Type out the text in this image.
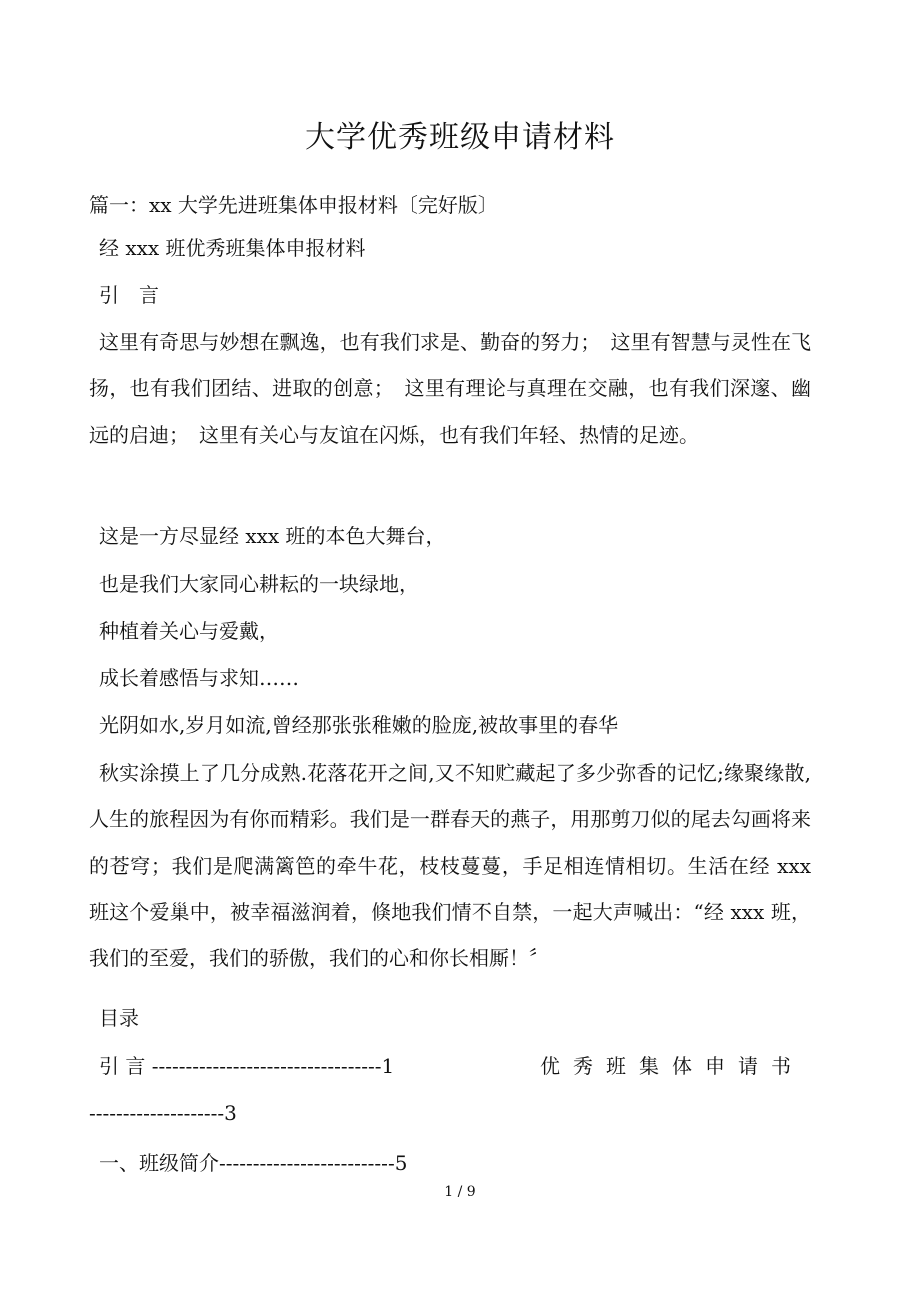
大学优秀班级申请材料
篇一：xx 大学先进班集体申报材料〔完好版〕
经 xxx 班优秀班集体申报材料
引　言

这里有奇思与妙想在飘逸，也有我们求是、勤奋的努力；　这里有智慧与灵性在飞扬，也有我们团结、进取的创意；　这里有理论与真理在交融，也有我们深邃、幽远的启迪；　这里有关心与友谊在闪烁，也有我们年轻、热情的足迹。

这是一方尽显经 xxx 班的本色大舞台，
也是我们大家同心耕耘的一块绿地，
种植着关心与爱戴，
成长着感悟与求知……
光阴如水,岁月如流,曾经那张张稚嫩的脸庞,被故事里的春华

秋实涂摸上了几分成熟.花落花开之间,又不知贮藏起了多少弥香的记忆;缘聚缘散,人生的旅程因为有你而精彩。我们是一群春天的燕子，用那剪刀似的尾去勾画将来的苍穹；我们是爬满篱笆的牵牛花，枝枝蔓蔓，手足相连情相切。生活在经 xxx 班这个爱巢中，被幸福滋润着，倏地我们情不自禁，一起大声喊出：“经 xxx 班，我们的至爱，我们的骄傲，我们的心和你长相厮！〞

目录
引 言 ----------------------------------1	优秀班集体申请书
--------------------3
一、班级简介--------------------------5
1 / 9
